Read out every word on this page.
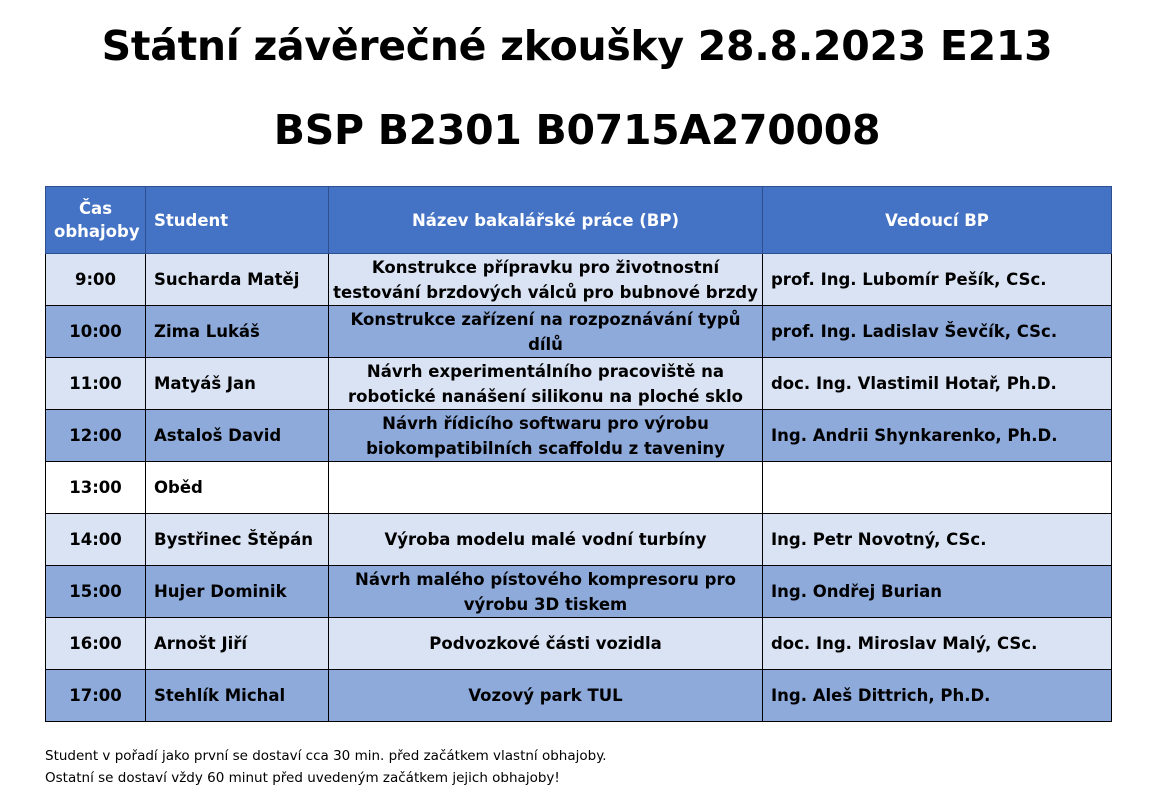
Státní závěrečné zkoušky 28.8.2023 E213
BSP B2301 B0715A270008
Čas obhajoby	Student	Název bakalářské práce (BP)	Vedoucí BP
9:00	Sucharda Matěj	Konstrukce přípravku pro životnostní testování brzdových válců pro bubnové brzdy	prof. Ing. Lubomír Pešík, CSc.
10:00	Zima Lukáš	Konstrukce zařízení na rozpoznávání typů dílů	prof. Ing. Ladislav Ševčík, CSc.
11:00	Matyáš Jan	Návrh experimentálního pracoviště na robotické nanášení silikonu na ploché sklo	doc. Ing. Vlastimil Hotař, Ph.D.
12:00	Astaloš David	Návrh řídicího softwaru pro výrobu biokompatibilních scaffoldu z taveniny	Ing. Andrii Shynkarenko, Ph.D.
13:00	Oběd		
14:00	Bystřinec Štěpán	Výroba modelu malé vodní turbíny	Ing. Petr Novotný, CSc.
15:00	Hujer Dominik	Návrh malého pístového kompresoru pro výrobu 3D tiskem	Ing. Ondřej Burian
16:00	Arnošt Jiří	Podvozkové části vozidla	doc. Ing. Miroslav Malý, CSc.
17:00	Stehlík Michal	Vozový park TUL	Ing. Aleš Dittrich, Ph.D.
Student v pořadí jako první se dostaví cca 30 min. před začátkem vlastní obhajoby.
Ostatní se dostaví vždy 60 minut před uvedeným začátkem jejich obhajoby!
